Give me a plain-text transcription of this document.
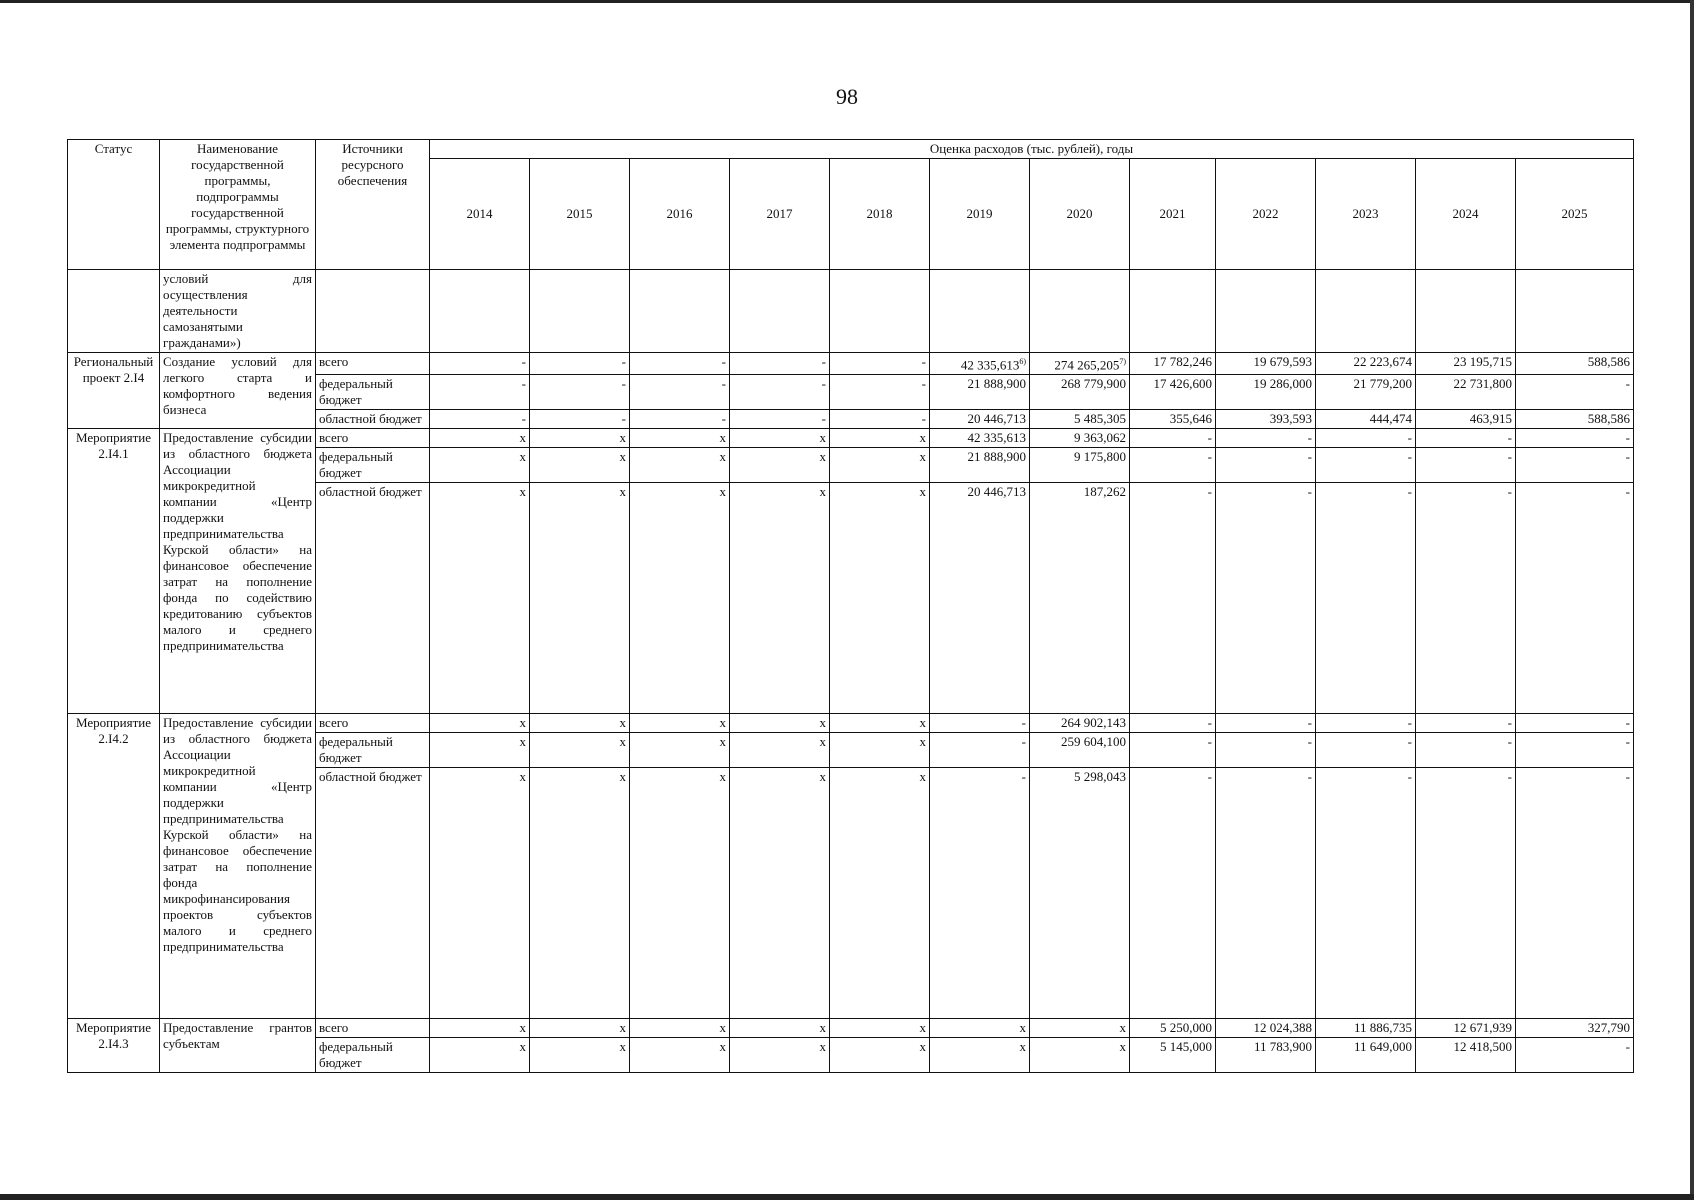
98
Статус	Наименование государственной программы, подпрограммы государственной программы, структурного элемента подпрограммы	Источники ресурсного обеспечения	Оценка расходов (тыс. рублей), годы											
			2014	2015	2016	2017	2018	2019	2020	2021	2022	2023	2024	2025
	условий для осуществления деятельности самозанятыми гражданами»)													
Региональный проект 2.I4	Создание условий для легкого старта и комфортного ведения бизнеса	всего	-	-	-	-	-	42 335,613$^{6)}$	274 265,205$^{7)}$	17 782,246	19 679,593	22 223,674	23 195,715	588,586
		федеральный бюджет	-	-	-	-	-	21 888,900	268 779,900	17 426,600	19 286,000	21 779,200	22 731,800	-
		областной бюджет	-	-	-	-	-	20 446,713	5 485,305	355,646	393,593	444,474	463,915	588,586
Мероприятие 2.I4.1	Предоставление субсидии из областного бюджета Ассоциации микрокредитной компании «Центр поддержки предпринимательства Курской области» на финансовое обеспечение затрат на пополнение фонда по содействию кредитованию субъектов малого и среднего предпринимательства	всего	x	x	x	x	x	42 335,613	9 363,062	-	-	-	-	-
		федеральный бюджет	x	x	x	x	x	21 888,900	9 175,800	-	-	-	-	-
		областной бюджет	x	x	x	x	x	20 446,713	187,262	-	-	-	-	-
Мероприятие 2.I4.2	Предоставление субсидии из областного бюджета Ассоциации микрокредитной компании «Центр поддержки предпринимательства Курской области» на финансовое обеспечение затрат на пополнение фонда микрофинансирования проектов субъектов малого и среднего предпринимательства	всего	x	x	x	x	x	-	264 902,143	-	-	-	-	-
		федеральный бюджет	x	x	x	x	x	-	259 604,100	-	-	-	-	-
		областной бюджет	x	x	x	x	x	-	5 298,043	-	-	-	-	-
Мероприятие 2.I4.3	Предоставление грантов субъектам	всего	x	x	x	x	x	x	x	5 250,000	12 024,388	11 886,735	12 671,939	327,790
		федеральный бюджет	x	x	x	x	x	x	x	5 145,000	11 783,900	11 649,000	12 418,500	-
